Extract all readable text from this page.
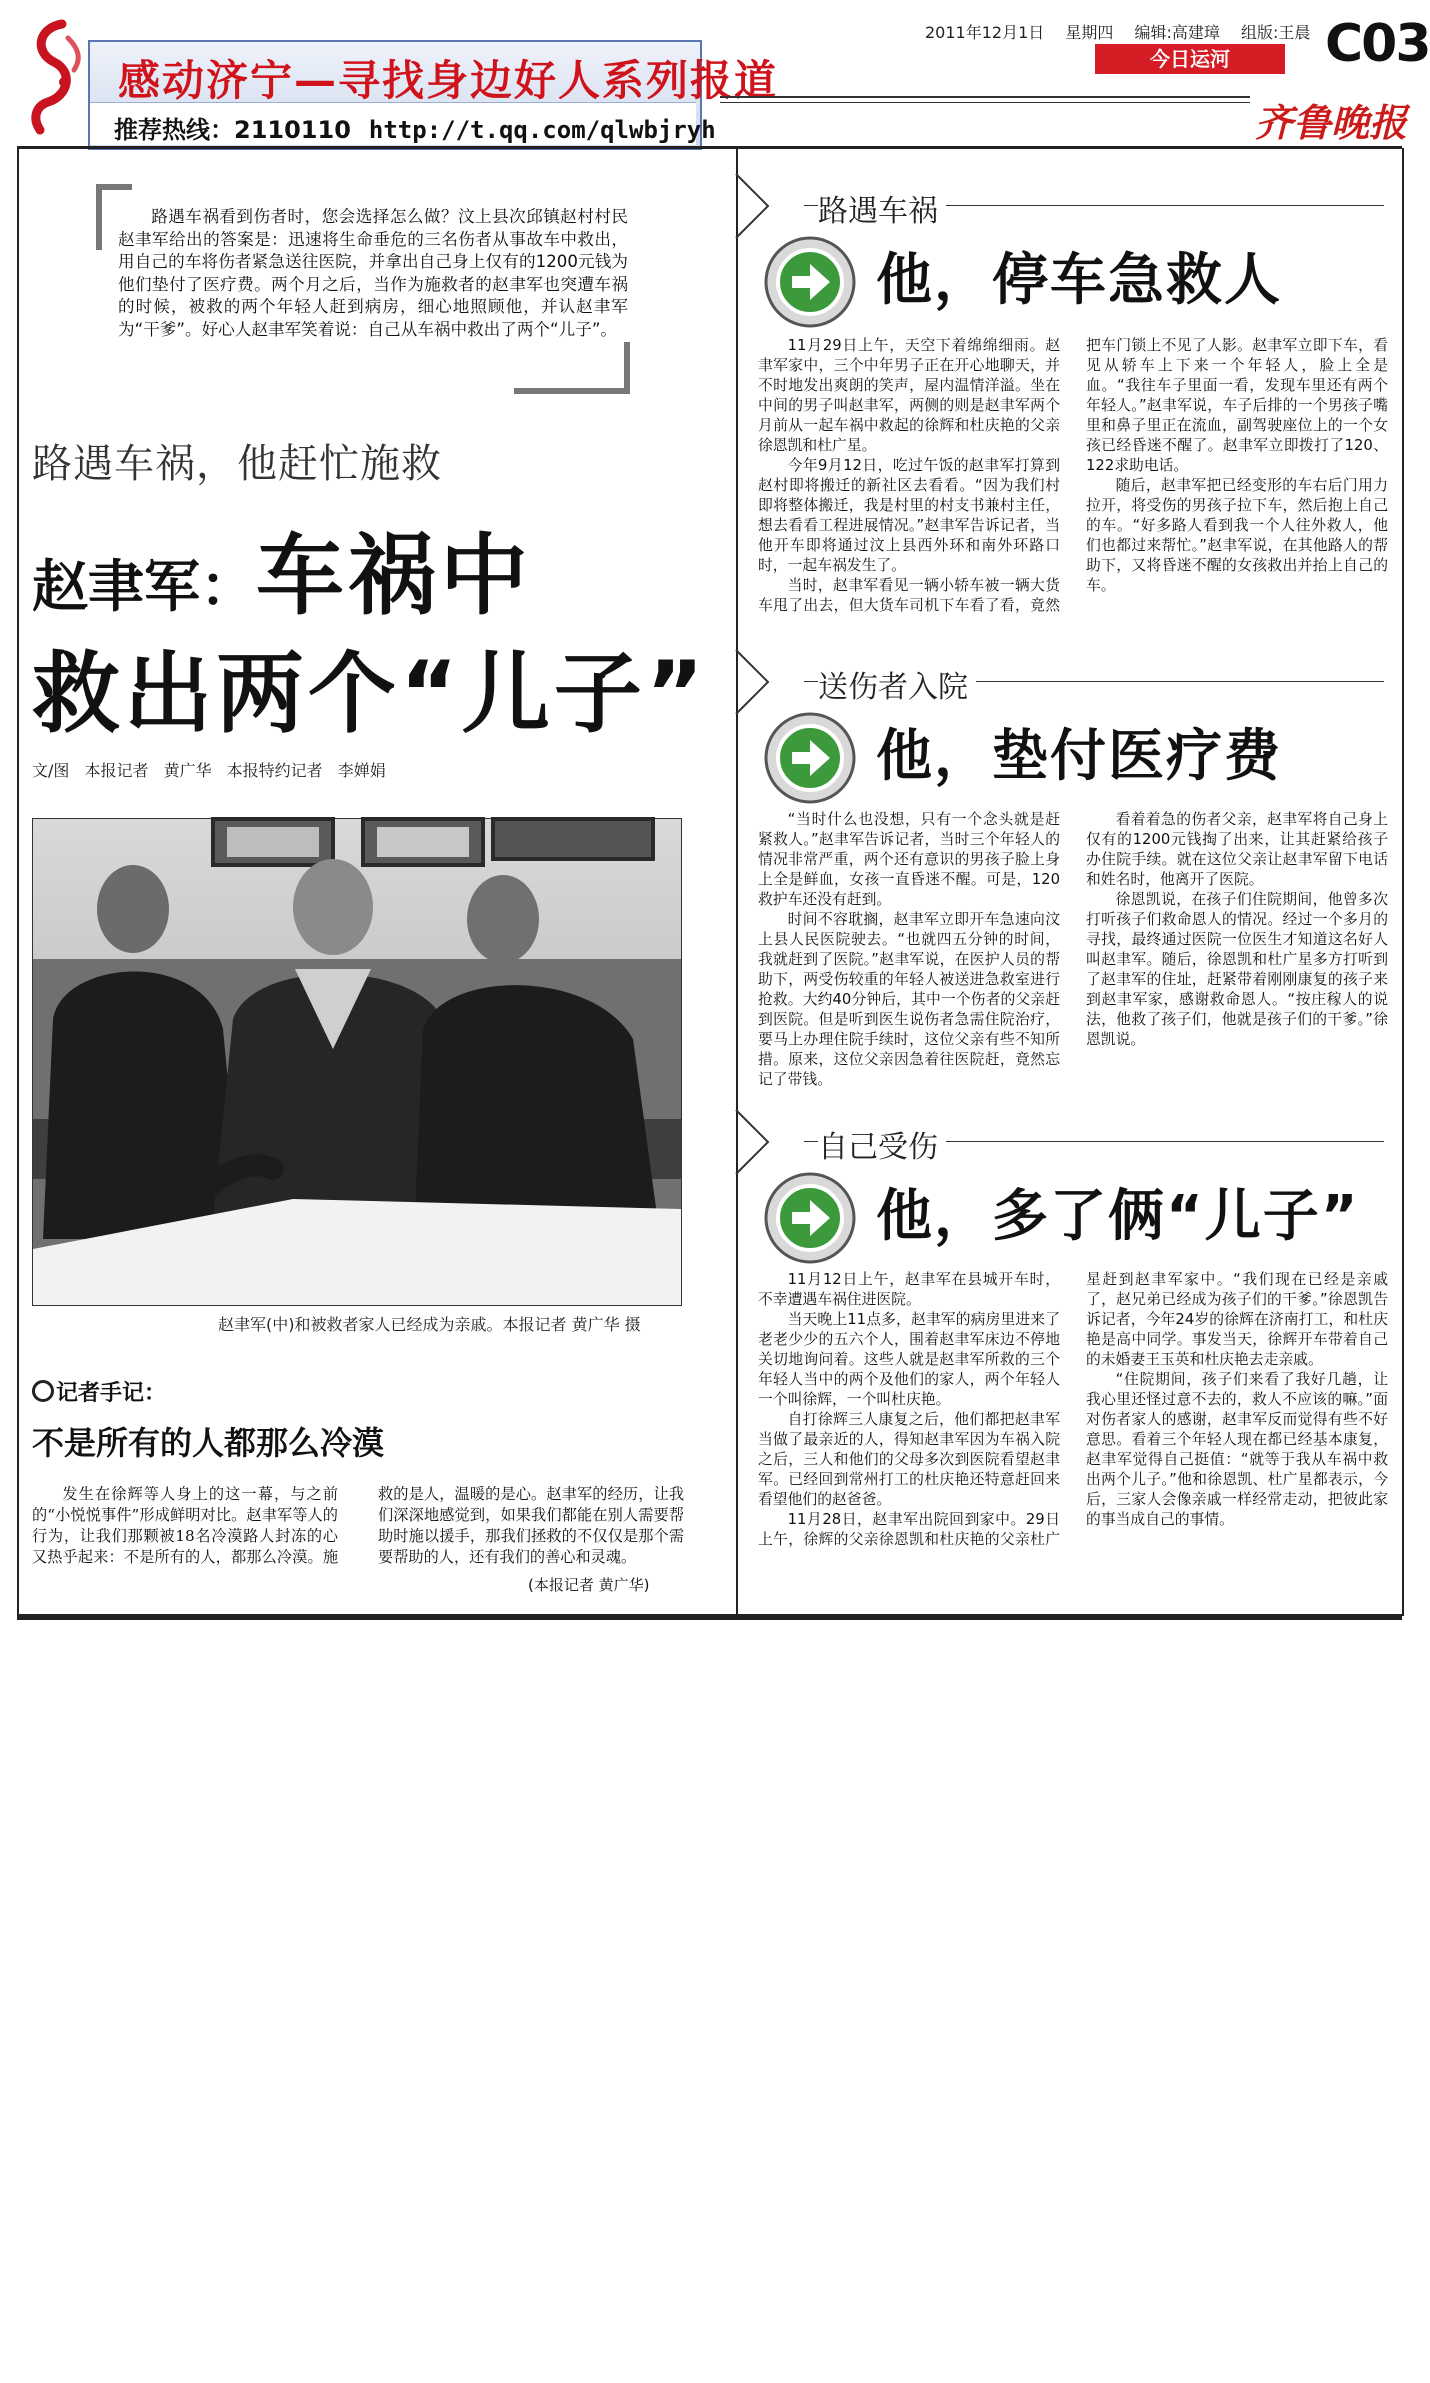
感动济宁—寻找身边好人系列报道
推荐热线：2110110 http://t.qq.com/qlwbjryh
2011年12月1日 星期四 编辑:高建璋 组版:王晨
今日运河	C03
齐鲁晚报

路遇车祸看到伤者时，您会选择怎么做？汶上县次邱镇赵村村民赵聿军给出的答案是：迅速将生命垂危的三名伤者从事故车中救出，用自己的车将伤者紧急送往医院，并拿出自己身上仅有的1200元钱为他们垫付了医疗费。两个月之后，当作为施救者的赵聿军也突遭车祸的时候，被救的两个年轻人赶到病房，细心地照顾他，并认赵聿军为“干爹”。好心人赵聿军笑着说：自己从车祸中救出了两个“儿子”。

路遇车祸，他赶忙施救
赵聿军：车祸中
救出两个“儿子”
文/图 本报记者 黄广华 本报特约记者 李婵娟
赵聿军(中)和被救者家人已经成为亲戚。本报记者 黄广华 摄
记者手记：
不是所有的人都那么冷漠

发生在徐辉等人身上的这一幕，与之前的“小悦悦事件”形成鲜明对比。赵聿军等人的行为，让我们那颗被18名冷漠路人封冻的心又热乎起来：不是所有的人，都那么冷漠。施救的是人，温暖的是心。赵聿军的经历，让我们深深地感觉到，如果我们都能在别人需要帮助时施以援手，那我们拯救的不仅仅是那个需要帮助的人，还有我们的善心和灵魂。

(本报记者 黄广华)
路遇车祸
他，停车急救人

11月29日上午，天空下着绵绵细雨。赵聿军家中，三个中年男子正在开心地聊天，并不时地发出爽朗的笑声，屋内温情洋溢。坐在中间的男子叫赵聿军，两侧的则是赵聿军两个月前从一起车祸中救起的徐辉和杜庆艳的父亲徐恩凯和杜广星。

今年9月12日，吃过午饭的赵聿军打算到赵村即将搬迁的新社区去看看。“因为我们村即将整体搬迁，我是村里的村支书兼村主任，想去看看工程进展情况。”赵聿军告诉记者，当他开车即将通过汶上县西外环和南外环路口时，一起车祸发生了。

当时，赵聿军看见一辆小轿车被一辆大货车甩了出去，但大货车司机下车看了看，竟然把车门锁上不见了人影。赵聿军立即下车，看见从轿车上下来一个年轻人，脸上全是血。“我往车子里面一看，发现车里还有两个年轻人。”赵聿军说，车子后排的一个男孩子嘴里和鼻子里正在流血，副驾驶座位上的一个女孩已经昏迷不醒了。赵聿军立即拨打了120、122求助电话。

随后，赵聿军把已经变形的车右后门用力拉开，将受伤的男孩子拉下车，然后抱上自己的车。“好多路人看到我一个人往外救人，他们也都过来帮忙。”赵聿军说，在其他路人的帮助下，又将昏迷不醒的女孩救出并抬上自己的车。

送伤者入院
他，垫付医疗费

“当时什么也没想，只有一个念头就是赶紧救人。”赵聿军告诉记者，当时三个年轻人的情况非常严重，两个还有意识的男孩子脸上身上全是鲜血，女孩一直昏迷不醒。可是，120救护车还没有赶到。

时间不容耽搁，赵聿军立即开车急速向汶上县人民医院驶去。“也就四五分钟的时间，我就赶到了医院。”赵聿军说，在医护人员的帮助下，两受伤较重的年轻人被送进急救室进行抢救。大约40分钟后，其中一个伤者的父亲赶到医院。但是听到医生说伤者急需住院治疗，要马上办理住院手续时，这位父亲有些不知所措。原来，这位父亲因急着往医院赶，竟然忘记了带钱。

看着着急的伤者父亲，赵聿军将自己身上仅有的1200元钱掏了出来，让其赶紧给孩子办住院手续。就在这位父亲让赵聿军留下电话和姓名时，他离开了医院。

徐恩凯说，在孩子们住院期间，他曾多次打听孩子们救命恩人的情况。经过一个多月的寻找，最终通过医院一位医生才知道这名好人叫赵聿军。随后，徐恩凯和杜广星多方打听到了赵聿军的住址，赶紧带着刚刚康复的孩子来到赵聿军家，感谢救命恩人。“按庄稼人的说法，他救了孩子们，他就是孩子们的干爹。”徐恩凯说。

自己受伤
他，多了俩“儿子”

11月12日上午，赵聿军在县城开车时，不幸遭遇车祸住进医院。

当天晚上11点多，赵聿军的病房里进来了老老少少的五六个人，围着赵聿军床边不停地关切地询问着。这些人就是赵聿军所救的三个年轻人当中的两个及他们的家人，两个年轻人一个叫徐辉，一个叫杜庆艳。

自打徐辉三人康复之后，他们都把赵聿军当做了最亲近的人，得知赵聿军因为车祸入院之后，三人和他们的父母多次到医院看望赵聿军。已经回到常州打工的杜庆艳还特意赶回来看望他们的赵爸爸。

11月28日，赵聿军出院回到家中。29日上午，徐辉的父亲徐恩凯和杜庆艳的父亲杜广星赶到赵聿军家中。“我们现在已经是亲戚了，赵兄弟已经成为孩子们的干爹。”徐恩凯告诉记者，今年24岁的徐辉在济南打工，和杜庆艳是高中同学。事发当天，徐辉开车带着自己的未婚妻王玉英和杜庆艳去走亲戚。

“住院期间，孩子们来看了我好几趟，让我心里还怪过意不去的，救人不应该的嘛。”面对伤者家人的感谢，赵聿军反而觉得有些不好意思。看着三个年轻人现在都已经基本康复，赵聿军觉得自己挺值：“就等于我从车祸中救出两个儿子。”他和徐恩凯、杜广星都表示，今后，三家人会像亲戚一样经常走动，把彼此家的事当成自己的事情。
